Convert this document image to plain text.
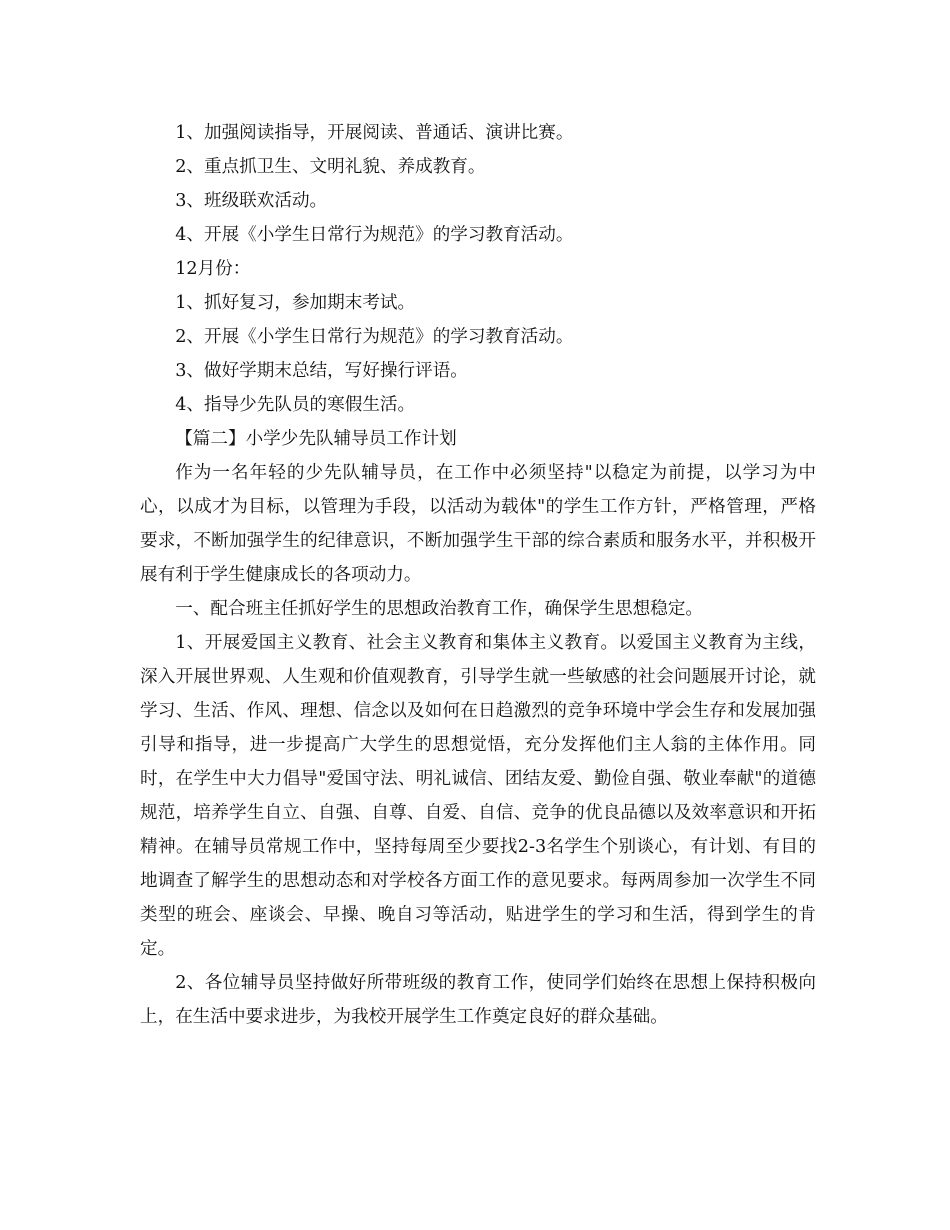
1、加强阅读指导，开展阅读、普通话、演讲比赛。

2、重点抓卫生、文明礼貌、养成教育。

3、班级联欢活动。

4、开展《小学生日常行为规范》的学习教育活动。

12月份：

1、抓好复习，参加期末考试。

2、开展《小学生日常行为规范》的学习教育活动。

3、做好学期末总结，写好操行评语。

4、指导少先队员的寒假生活。

【篇二】小学少先队辅导员工作计划

作为一名年轻的少先队辅导员，在工作中必须坚持"以稳定为前提，以学习为中心，以成才为目标，以管理为手段，以活动为载体"的学生工作方针，严格管理，严格要求，不断加强学生的纪律意识，不断加强学生干部的综合素质和服务水平，并积极开展有利于学生健康成长的各项动力。

一、配合班主任抓好学生的思想政治教育工作，确保学生思想稳定。

1、开展爱国主义教育、社会主义教育和集体主义教育。以爱国主义教育为主线，深入开展世界观、人生观和价值观教育，引导学生就一些敏感的社会问题展开讨论，就学习、生活、作风、理想、信念以及如何在日趋激烈的竞争环境中学会生存和发展加强引导和指导，进一步提高广大学生的思想觉悟，充分发挥他们主人翁的主体作用。同时，在学生中大力倡导"爱国守法、明礼诚信、团结友爱、勤俭自强、敬业奉献"的道德规范，培养学生自立、自强、自尊、自爱、自信、竞争的优良品德以及效率意识和开拓精神。在辅导员常规工作中，坚持每周至少要找2-3名学生个别谈心，有计划、有目的地调查了解学生的思想动态和对学校各方面工作的意见要求。每两周参加一次学生不同类型的班会、座谈会、早操、晚自习等活动，贴进学生的学习和生活，得到学生的肯定。

2、各位辅导员坚持做好所带班级的教育工作，使同学们始终在思想上保持积极向上，在生活中要求进步，为我校开展学生工作奠定良好的群众基础。
